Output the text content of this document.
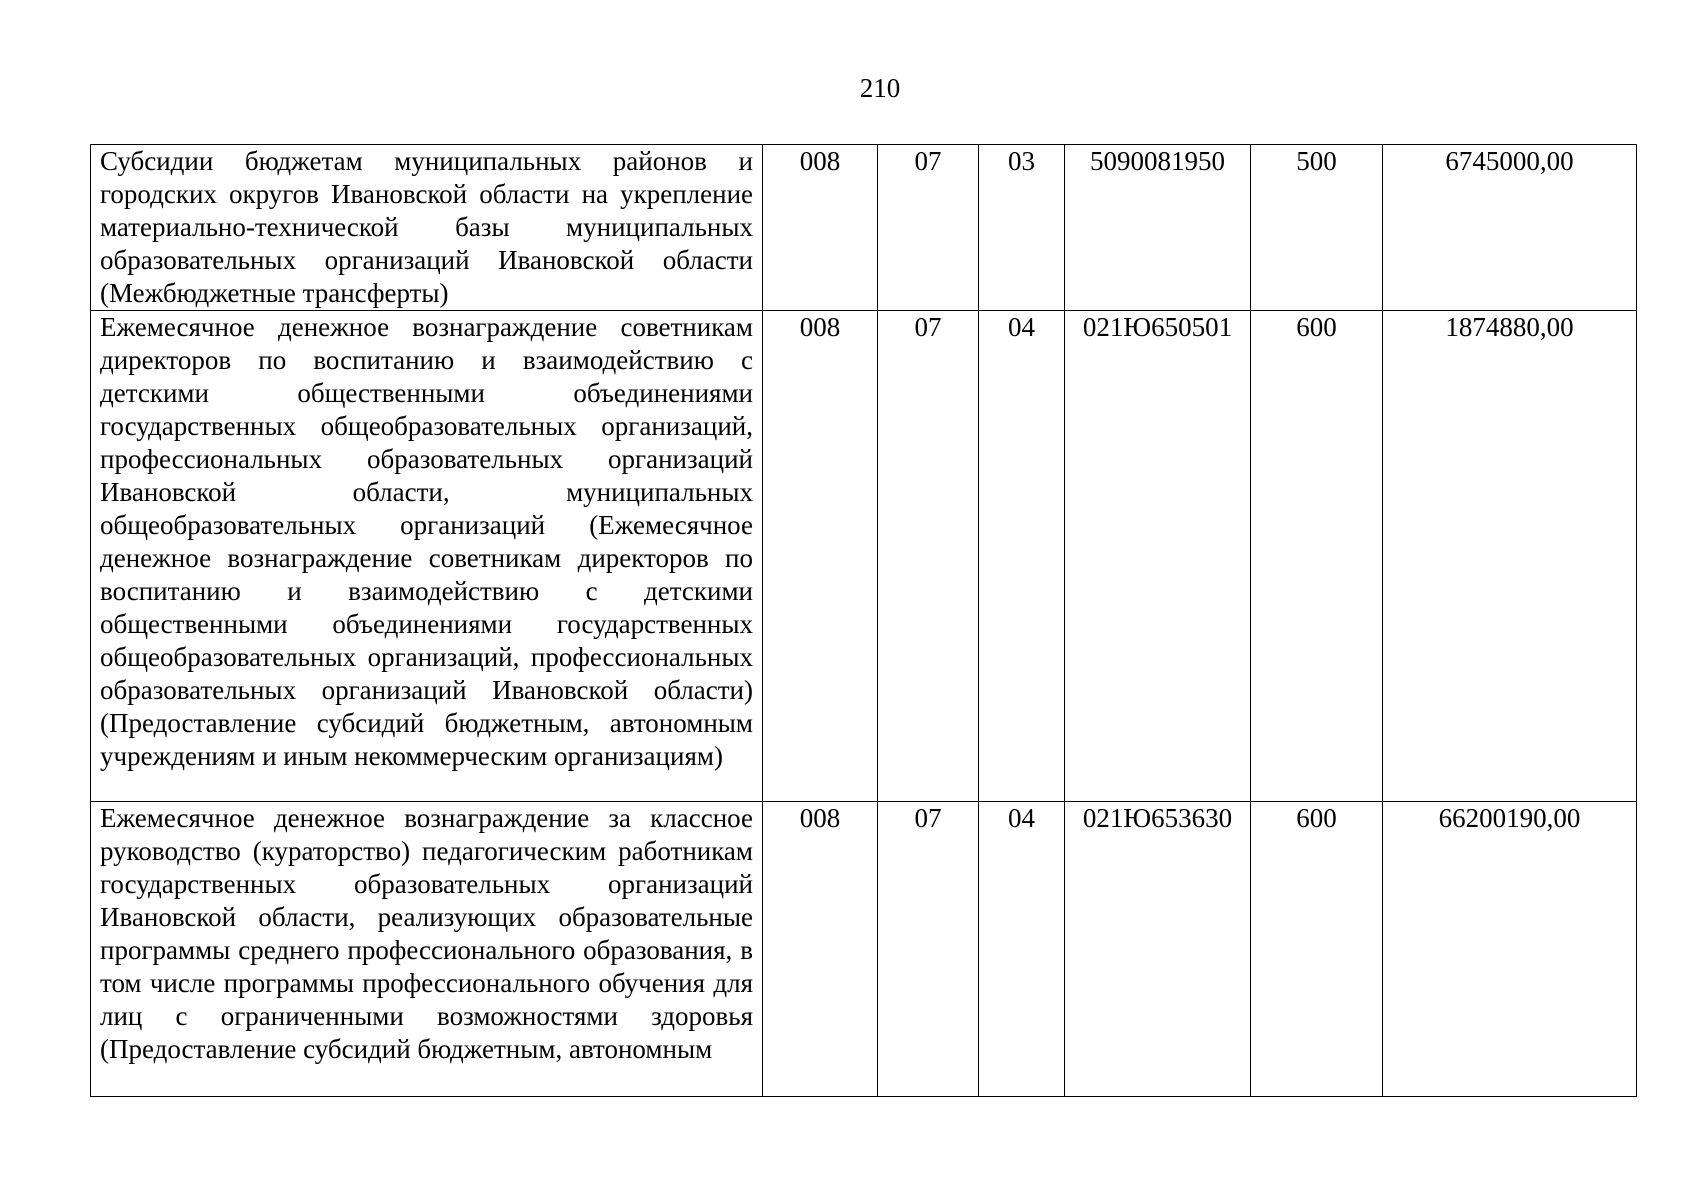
210
Субсидии бюджетам муниципальных районов и городских округов Ивановской области на укрепление материально-технической базы муниципальных образовательных организаций Ивановской области (Межбюджетные трансферты)	008	07	03	5090081950	500	6745000,00
Ежемесячное денежное вознаграждение советникам директоров по воспитанию и взаимодействию с детскими общественными объединениями государственных общеобразовательных организаций, профессиональных образовательных организаций Ивановской области, муниципальных общеобразовательных организаций (Ежемесячное денежное вознаграждение советникам директоров по воспитанию и взаимодействию с детскими общественными объединениями государственных общеобразовательных организаций, профессиональных образовательных организаций Ивановской области) (Предоставление субсидий бюджетным, автономным учреждениям и иным некоммерческим организациям)	008	07	04	021Ю650501	600	1874880,00
Ежемесячное денежное вознаграждение за классное руководство (кураторство) педагогическим работникам государственных образовательных организаций Ивановской области, реализующих образовательные программы среднего профессионального образования, в том числе программы профессионального обучения для лиц с ограниченными возможностями здоровья (Предоставление субсидий бюджетным, автономным	008	07	04	021Ю653630	600	66200190,00
